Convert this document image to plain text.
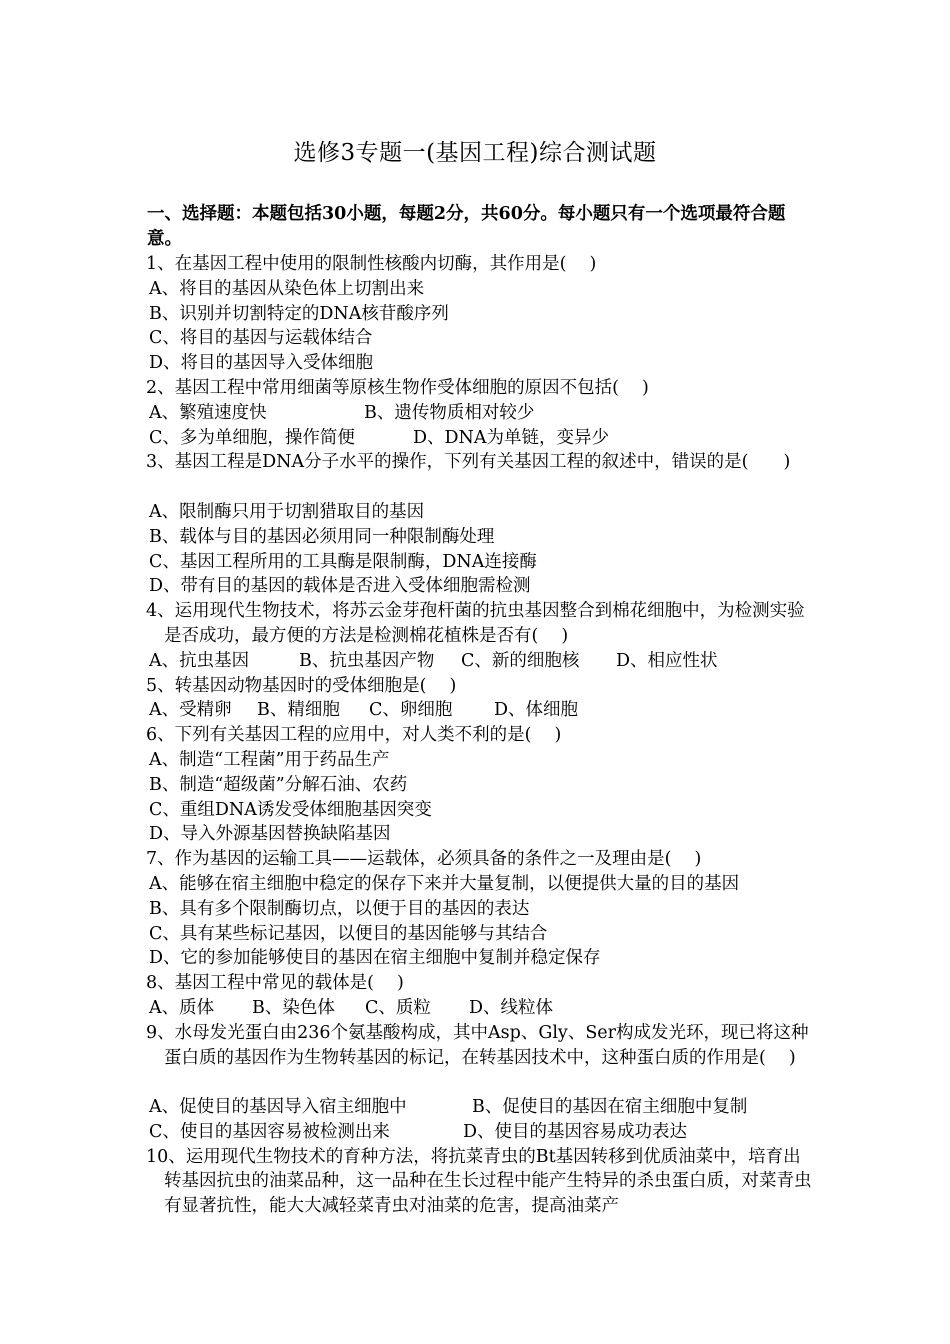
选修3专题一(基因工程)综合测试题
一、选择题：本题包括30小题，每题2分，共60分。每小题只有一个选项最符合题意。
1、在基因工程中使用的限制性核酸内切酶，其作用是(　 )
A、将目的基因从染色体上切割出来
B、识别并切割特定的DNA核苷酸序列
C、将目的基因与运载体结合
D、将目的基因导入受体细胞
2、基因工程中常用细菌等原核生物作受体细胞的原因不包括(　 )
A、繁殖速度快	B、遗传物质相对较少
C、多为单细胞，操作简便	D、DNA为单链，变异少
3、基因工程是DNA分子水平的操作，下列有关基因工程的叙述中，错误的是(　　)
A、限制酶只用于切割猎取目的基因
B、载体与目的基因必须用同一种限制酶处理
C、基因工程所用的工具酶是限制酶，DNA连接酶
D、带有目的基因的载体是否进入受体细胞需检测
4、运用现代生物技术，将苏云金芽孢杆菌的抗虫基因整合到棉花细胞中，为检测实验是否成功，最方便的方法是检测棉花植株是否有(　 )
A、抗虫基因	B、抗虫基因产物	C、新的细胞核	D、相应性状
5、转基因动物基因时的受体细胞是(　 )
A、受精卵	B、精细胞	C、卵细胞	D、体细胞
6、下列有关基因工程的应用中，对人类不利的是(　 )
A、制造“工程菌”用于药品生产
B、制造“超级菌”分解石油、农药
C、重组DNA诱发受体细胞基因突变
D、导入外源基因替换缺陷基因
7、作为基因的运输工具——运载体，必须具备的条件之一及理由是(　 )
A、能够在宿主细胞中稳定的保存下来并大量复制，以便提供大量的目的基因
B、具有多个限制酶切点，以便于目的基因的表达
C、具有某些标记基因，以便目的基因能够与其结合
D、它的参加能够使目的基因在宿主细胞中复制并稳定保存
8、基因工程中常见的载体是(　 )
A、质体	B、染色体	C、质粒	D、线粒体
9、水母发光蛋白由236个氨基酸构成，其中Asp、Gly、Ser构成发光环，现已将这种蛋白质的基因作为生物转基因的标记，在转基因技术中，这种蛋白质的作用是(　 )
A、促使目的基因导入宿主细胞中	B、促使目的基因在宿主细胞中复制
C、使目的基因容易被检测出来	D、使目的基因容易成功表达
10、运用现代生物技术的育种方法，将抗菜青虫的Bt基因转移到优质油菜中，培育出转基因抗虫的油菜品种，这一品种在生长过程中能产生特异的杀虫蛋白质，对菜青虫有显著抗性，能大大减轻菜青虫对油菜的危害，提高油菜产
